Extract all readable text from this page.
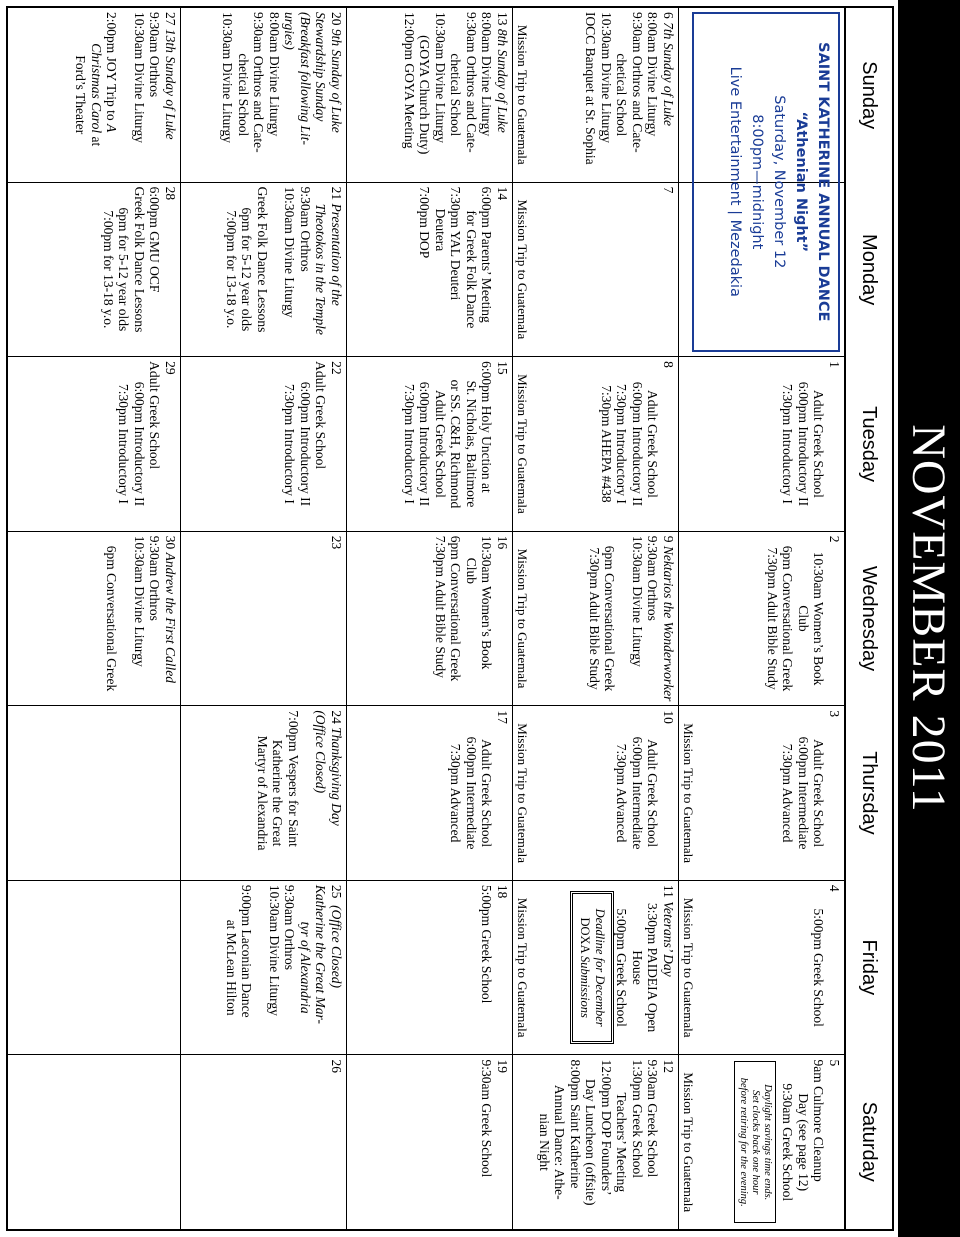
NOVEMBER 2011
Sunday
Monday
Tuesday
Wednesday
Thursday
Friday
Saturday
SAINT KATHERINE ANNUAL DANCE
“Athenian Night”
Saturday, November 12
8:00pm—midnight
Live Entertainment | Mezedakia
1
Adult Greek School
6:00pm Introductory II
7:30pm Introductory I
2
10:30am Women’s Book
Club
6pm Conversational Greek
7:30pm Adult Bible Study
3
Adult Greek School
6:00pm Intermediate
7:30pm Advanced
Mission Trip to Guatemala
4
5:00pm Greek School
Mission Trip to Guatemala
5
9am Culmore Cleanup
Day (see page 12)
9:30am Greek School
Daylight savings time ends.
Set clocks back one hour
before retiring for the evening.
Mission Trip to Guatemala
6 7th Sunday of Luke
8:00am Divine Liturgy
9:30am Orthros and Cate-
chetical School
10:30am Divine Liturgy
IOCC Banquet at St. Sophia
Mission Trip to Guatemala
7
Mission Trip to Guatemala
8
Adult Greek School
6:00pm Introductory II
7:30pm Introductory I
7:30pm AHEPA #438
Mission Trip to Guatemala
9 Nektarios the Wonderworker
9:30am Orthros
10:30am Divine Liturgy
6pm Conversational Greek
7:30pm Adult Bible Study
Mission Trip to Guatemala
10
Adult Greek School
6:00pm Intermediate
7:30pm Advanced
Mission Trip to Guatemala
11 Veterans’ Day
3:30pm PAIDEIA Open
House
5:00pm Greek School
Deadline for December
DOXA Submissions
Mission Trip to Guatemala
12
9:30am Greek School
1:30pm Greek School
Teachers’ Meeting
12:00pm DOP Founders’
Day Luncheon (offsite)
8:00pm Saint Katherine
Annual Dance: Athe-
nian Night
13 8th Sunday of Luke
8:00am Divine Liturgy
9:30am Orthros and Cate-
chetical School
10:30am Divine Liturgy
(GOYA Church Duty)
12:00pm GOYA Meeting
14
6:00pm Parents’ Meeting
for Greek Folk Dance
7:30pm YAL Deuteri
Deutera
7:00pm DOP
15
6:00pm Holy Unction at
St. Nicholas, Baltimore
or SS. C&H, Richmond
Adult Greek School
6:00pm Introductory II
7:30pm Introductory I
16
10:30am Women’s Book
Club
6pm Conversational Greek
7:30pm Adult Bible Study
17
Adult Greek School
6:00pm Intermediate
7:30pm Advanced
18
5:00pm Greek School
19
9:30am Greek School
20 9th Sunday of Luke
Stewardship Sunday
(Breakfast following Lit-
urgies)
8:00am Divine Liturgy
9:30am Orthros and Cate-
chetical School
10:30am Divine Liturgy
21 Presentation of the
Theotokos in the Temple
9:30am Orthros
10:30am Divine Liturgy
Greek Folk Dance Lessons
6pm for 5-12 year olds
7:00pm for 13-18 y.o.
22
Adult Greek School
6:00pm Introductory II
7:30pm Introductory I
23
24 Thanksgiving Day
(Office Closed)
7:00pm Vespers for Saint
Katherine the Great
Martyr of Alexandria
25  (Office Closed)
Katherine the Great Mar-
tyr of Alexandria
9:30am Orthros
10:30am Divine Liturgy
9:00pm Laconian Dance
at McLean Hilton
26
27 13th Sunday of Luke
9:30am Orthros
10:30am Divine Liturgy
2:00pm JOY Trip to A
Christmas Carol at
Ford’s Theater
28
6:00pm GMU OCF
Greek Folk Dance Lessons
6pm for 5-12 year olds
7:00pm for 13-18 y.o.
29
Adult Greek School
6:00pm Introductory II
7:30pm Introductory I
30 Andrew the First Called
9:30am Orthros
10:30am Divine Liturgy
6pm Conversational Greek
